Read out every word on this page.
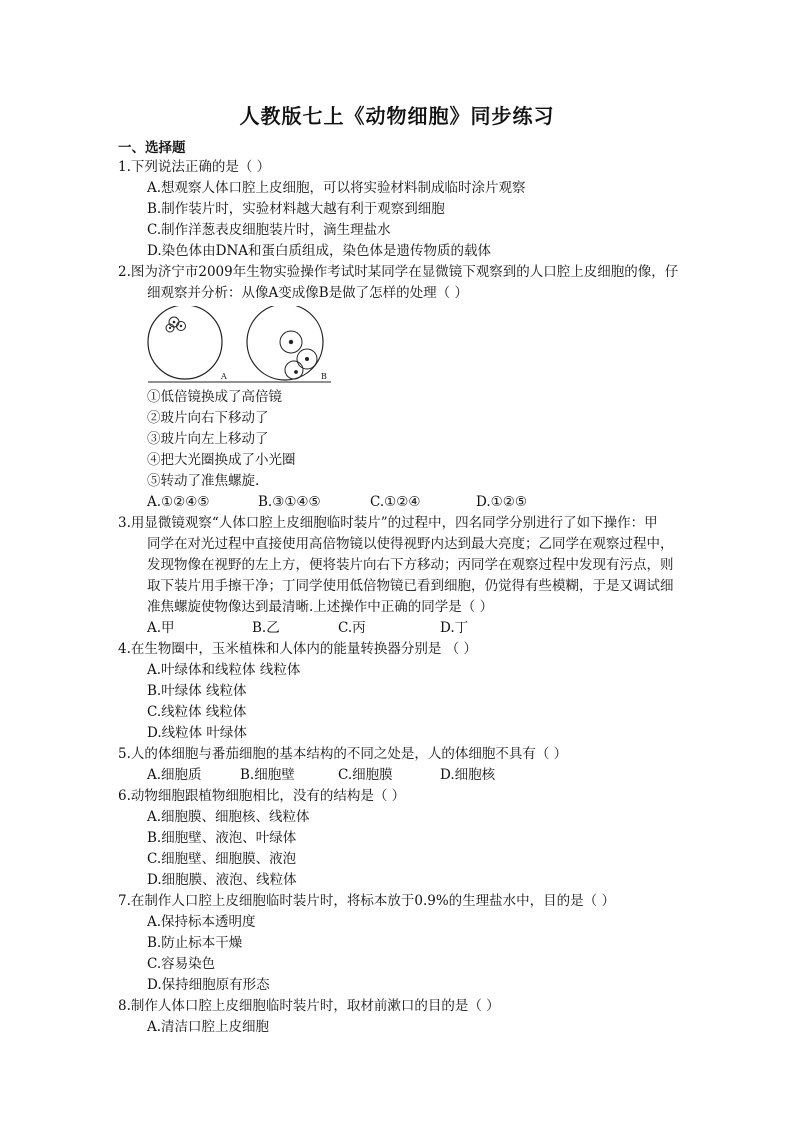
人教版七上《动物细胞》同步练习
一、选择题
1.下列说法正确的是（ ）
A.想观察人体口腔上皮细胞，可以将实验材料制成临时涂片观察
B.制作装片时，实验材料越大越有利于观察到细胞
C.制作洋葱表皮细胞装片时，滴生理盐水
D.染色体由DNA和蛋白质组成，染色体是遗传物质的载体
2.图为济宁市2009年生物实验操作考试时某同学在显微镜下观察到的人口腔上皮细胞的像，仔
细观察并分析：从像A变成像B是做了怎样的处理（ ）
A	B
①低倍镜换成了高倍镜
②玻片向右下移动了
③玻片向左上移动了
④把大光圈换成了小光圈
⑤转动了准焦螺旋.
A.①②④⑤	B.③①④⑤	C.①②④	D.①②⑤
3.用显微镜观察“人体口腔上皮细胞临时装片”的过程中，四名同学分别进行了如下操作：甲
同学在对光过程中直接使用高倍物镜以使得视野内达到最大亮度；乙同学在观察过程中，
发现物像在视野的左上方，便将装片向右下方移动；丙同学在观察过程中发现有污点，则
取下装片用手擦干净；丁同学使用低倍物镜已看到细胞，仍觉得有些模糊，于是又调试细
准焦螺旋使物像达到最清晰.上述操作中正确的同学是（ ）
A.甲	B.乙	C.丙	D.丁
4.在生物圈中，玉米植株和人体内的能量转换器分别是 （ ）
A.叶绿体和线粒体 线粒体
B.叶绿体 线粒体
C.线粒体 线粒体
D.线粒体 叶绿体
5.人的体细胞与番茄细胞的基本结构的不同之处是，人的体细胞不具有（ ）
A.细胞质	B.细胞壁	C.细胞膜	D.细胞核
6.动物细胞跟植物细胞相比，没有的结构是（ ）
A.细胞膜、细胞核、线粒体
B.细胞壁、液泡、叶绿体
C.细胞壁、细胞膜、液泡
D.细胞膜、液泡、线粒体
7.在制作人口腔上皮细胞临时装片时，将标本放于0.9%的生理盐水中，目的是（ ）
A.保持标本透明度
B.防止标本干燥
C.容易染色
D.保持细胞原有形态
8.制作人体口腔上皮细胞临时装片时，取材前漱口的目的是（ ）
A.清洁口腔上皮细胞
